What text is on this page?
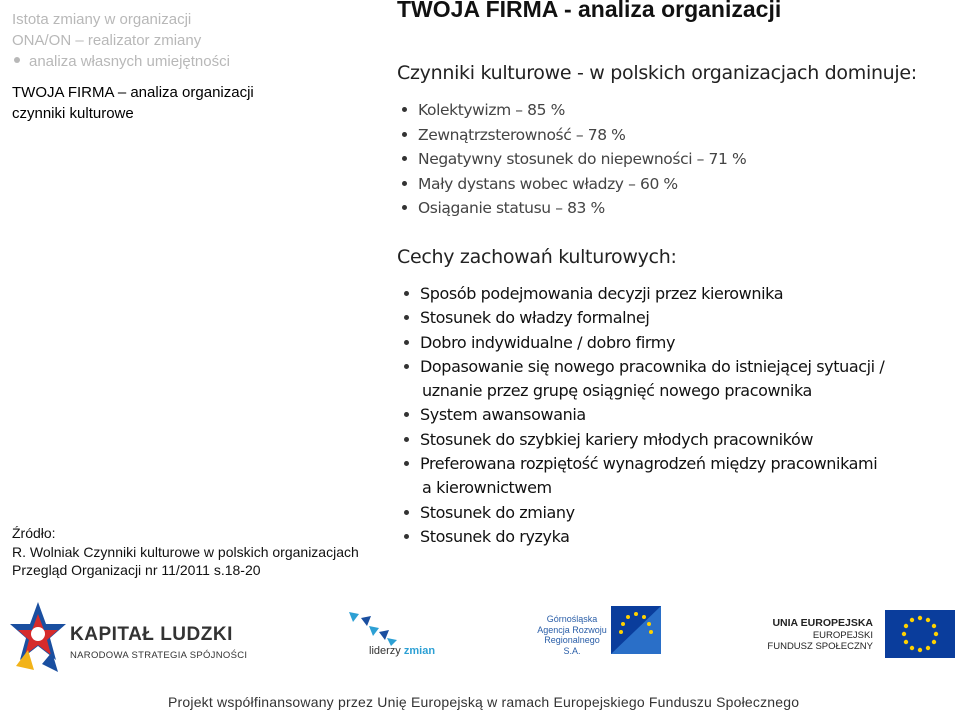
Istota zmiany w organizacji
ONA/ON – realizator zmiany
analiza własnych umiejętności
TWOJA FIRMA – analiza organizacji
czynniki kulturowe
Źródło:
R. Wolniak Czynniki kulturowe w polskich organizacjach
Przegląd Organizacji nr 11/2011 s.18-20
TWOJA FIRMA - analiza organizacji
Czynniki kulturowe - w polskich organizacjach dominuje:
Kolektywizm – 85 %
Zewnątrzsterowność – 78 %
Negatywny stosunek do niepewności – 71 %
Mały dystans wobec władzy – 60 %
Osiąganie statusu – 83 %
Cechy zachowań kulturowych:
Sposób podejmowania decyzji przez kierownika
Stosunek do władzy formalnej
Dobro indywidualne / dobro firmy
Dopasowanie się nowego pracownika do istniejącej sytuacji /
uznanie przez grupę osiągnięć nowego pracownika
System awansowania
Stosunek do szybkiej kariery młodych pracowników
Preferowana rozpiętość wynagrodzeń między pracownikami
a kierownictwem
Stosunek do zmiany
Stosunek do ryzyka
KAPITAŁ LUDZKI
NARODOWA STRATEGIA SPÓJNOŚCI	liderzy zmian
Górnośląska
Agencja Rozwoju
Regionalnego S.A.
UNIA EUROPEJSKA
EUROPEJSKI
FUNDUSZ SPOŁECZNY
Projekt współfinansowany przez Unię Europejską w ramach Europejskiego Funduszu Społecznego
